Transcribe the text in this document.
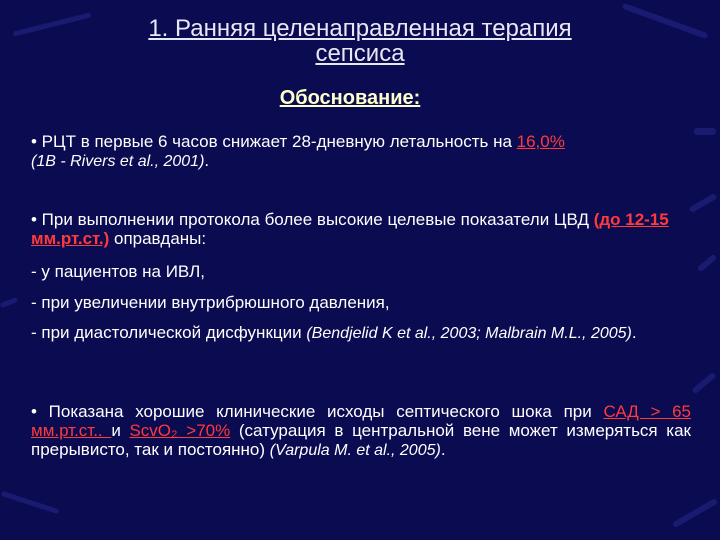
1. Ранняя целенаправленная терапия
сепсиса
Обоснование:
• РЦТ в первые 6 часов снижает 28-дневную летальность на 16,0%
(1B - Rivers et al., 2001).
• При выполнении протокола более высокие целевые показатели ЦВД (до 12-15 мм.рт.ст.) оправданы:
- у пациентов на ИВЛ,
- при увеличении внутрибрюшного давления,
- при диастолической дисфункции (Bendjelid K et al., 2003; Malbrain M.L., 2005).
• Показана хорошие клинические исходы септического шока при САД > 65 мм.рт.ст.. и ScvO₂ >70% (сатурация в центральной вене может измеряться как прерывисто, так и постоянно) (Varpula M. et al., 2005).
